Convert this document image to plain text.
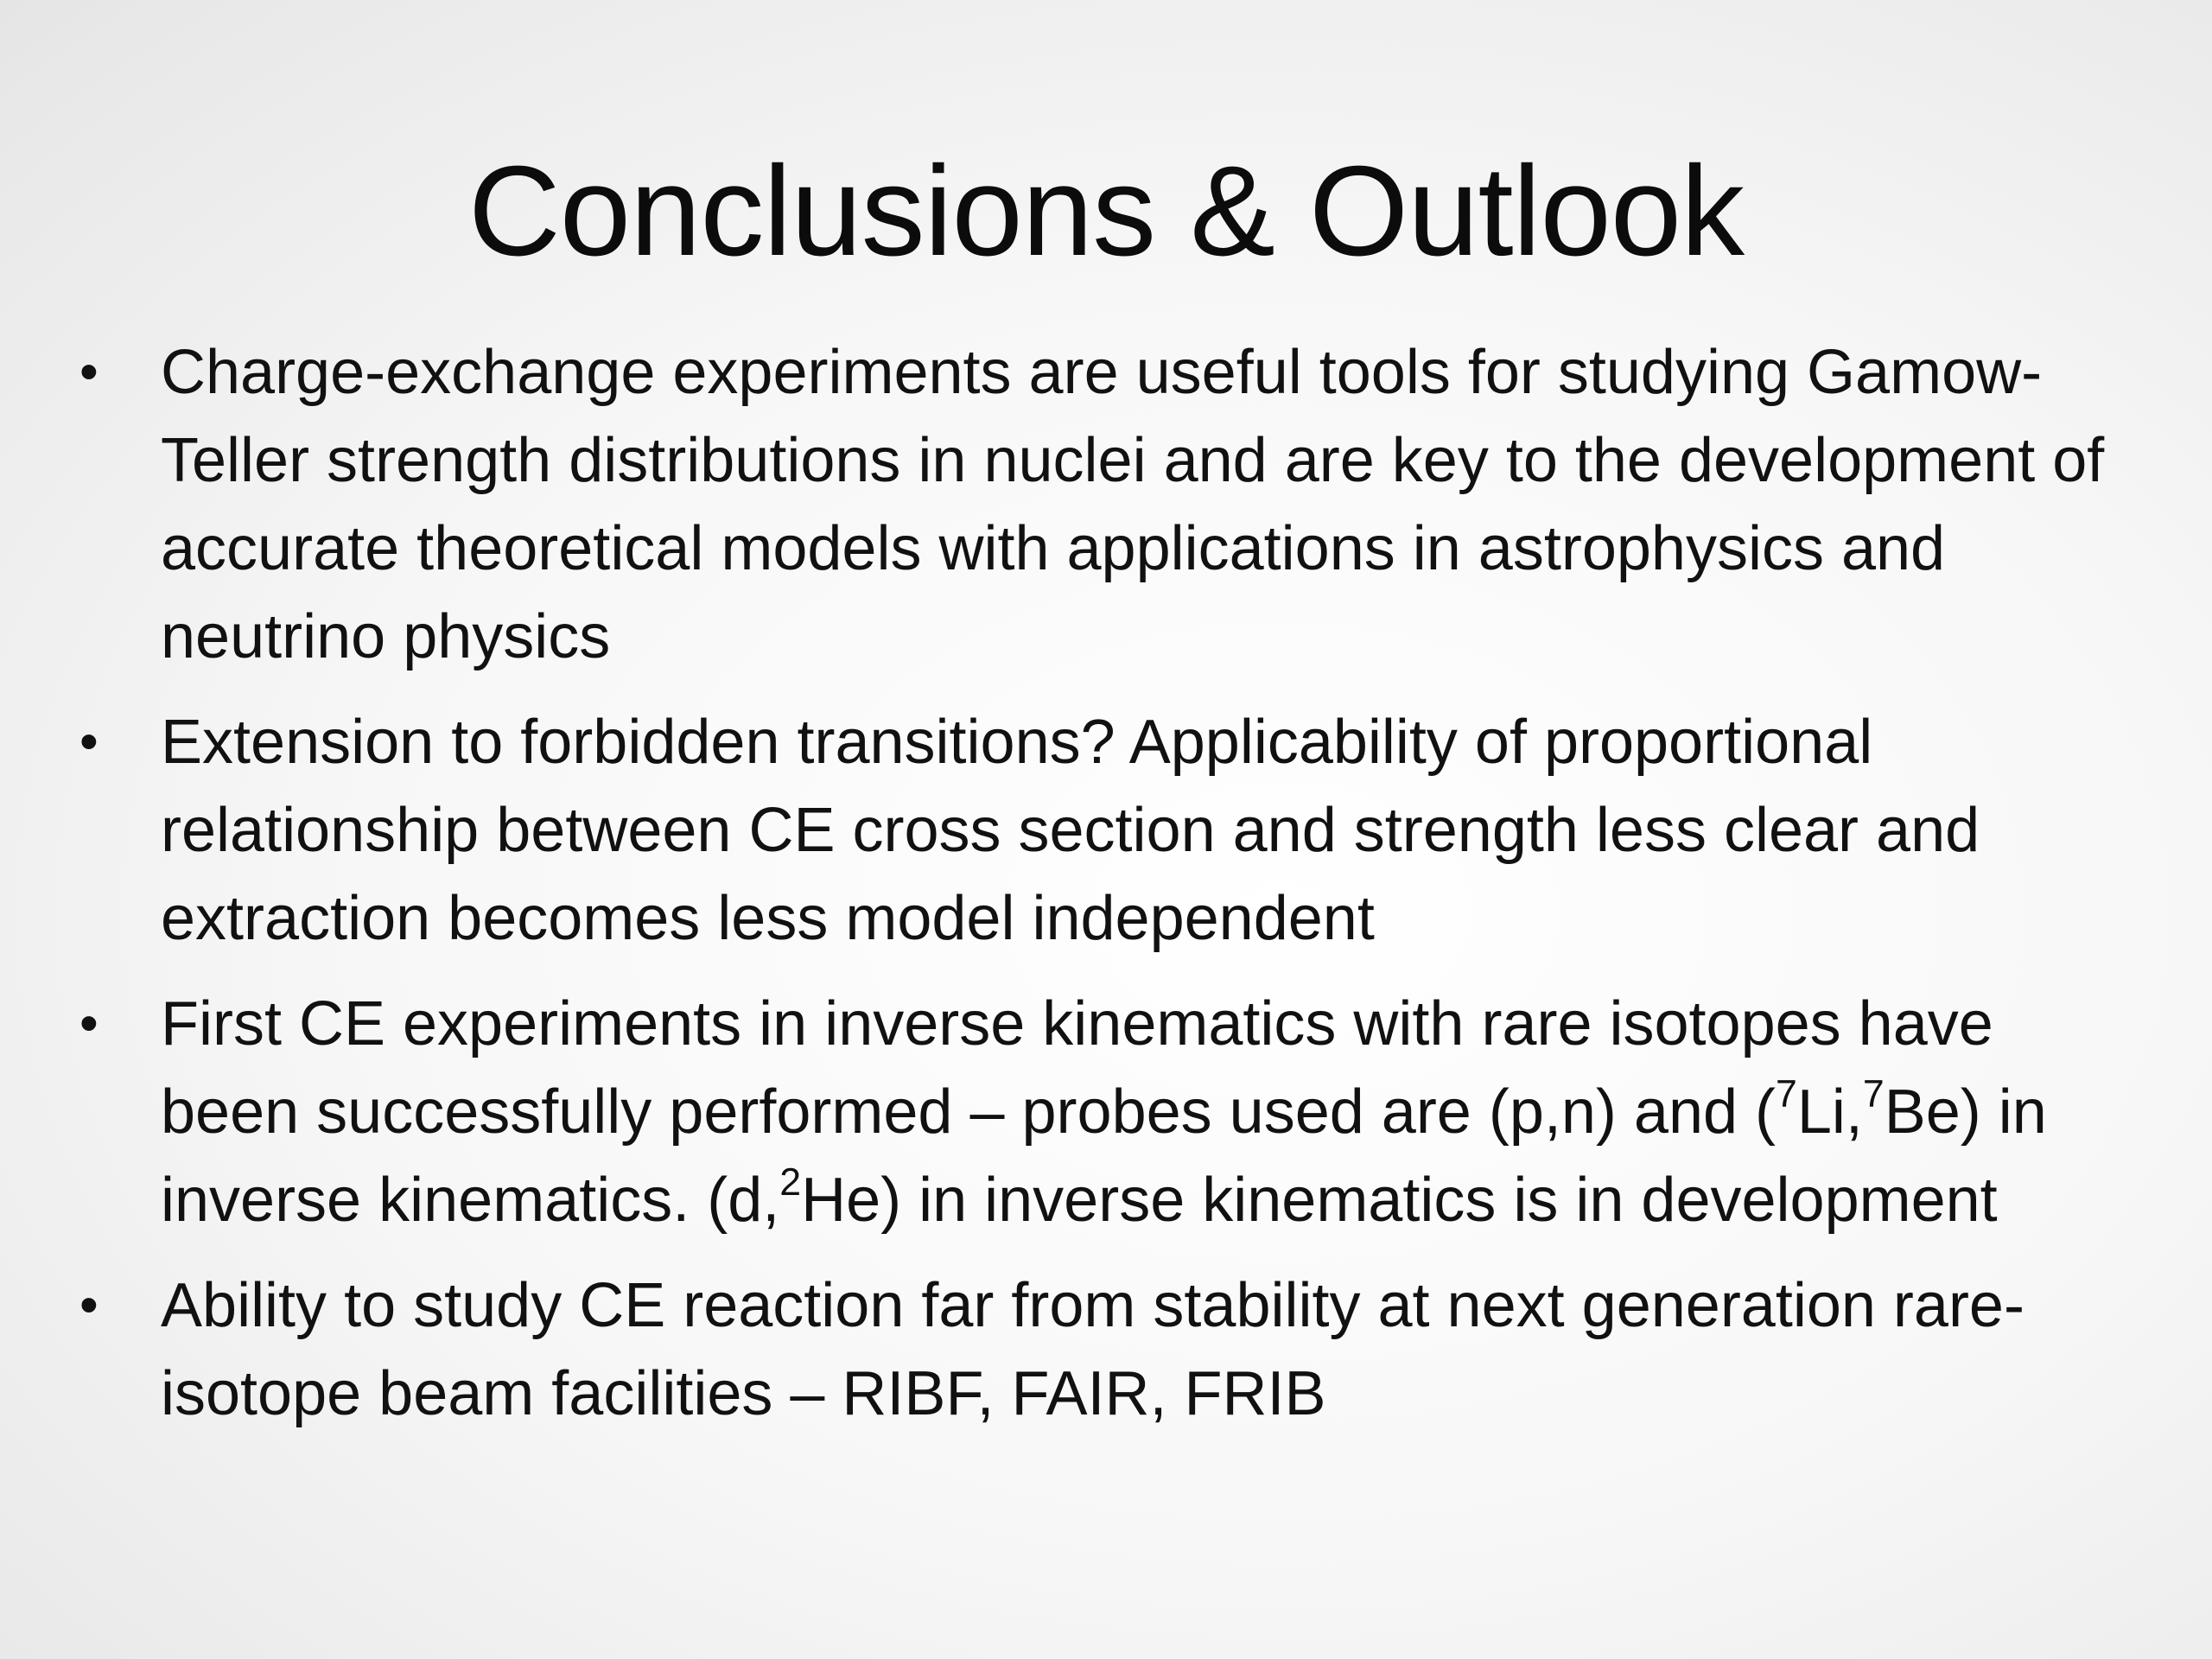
Conclusions & Outlook
• Charge-exchange experiments are useful tools for studying Gamow-Teller strength distributions in nuclei and are key to the development of accurate theoretical models with applications in astrophysics and neutrino physics
• Extension to forbidden transitions? Applicability of proportional relationship between CE cross section and strength less clear and extraction becomes less model independent
• First CE experiments in inverse kinematics with rare isotopes have been successfully performed – probes used are (p,n) and ($^7$Li,$^7$Be) in inverse kinematics. (d,$^2$He) in inverse kinematics is in development
• Ability to study CE reaction far from stability at next generation rare-isotope beam facilities – RIBF, FAIR, FRIB
